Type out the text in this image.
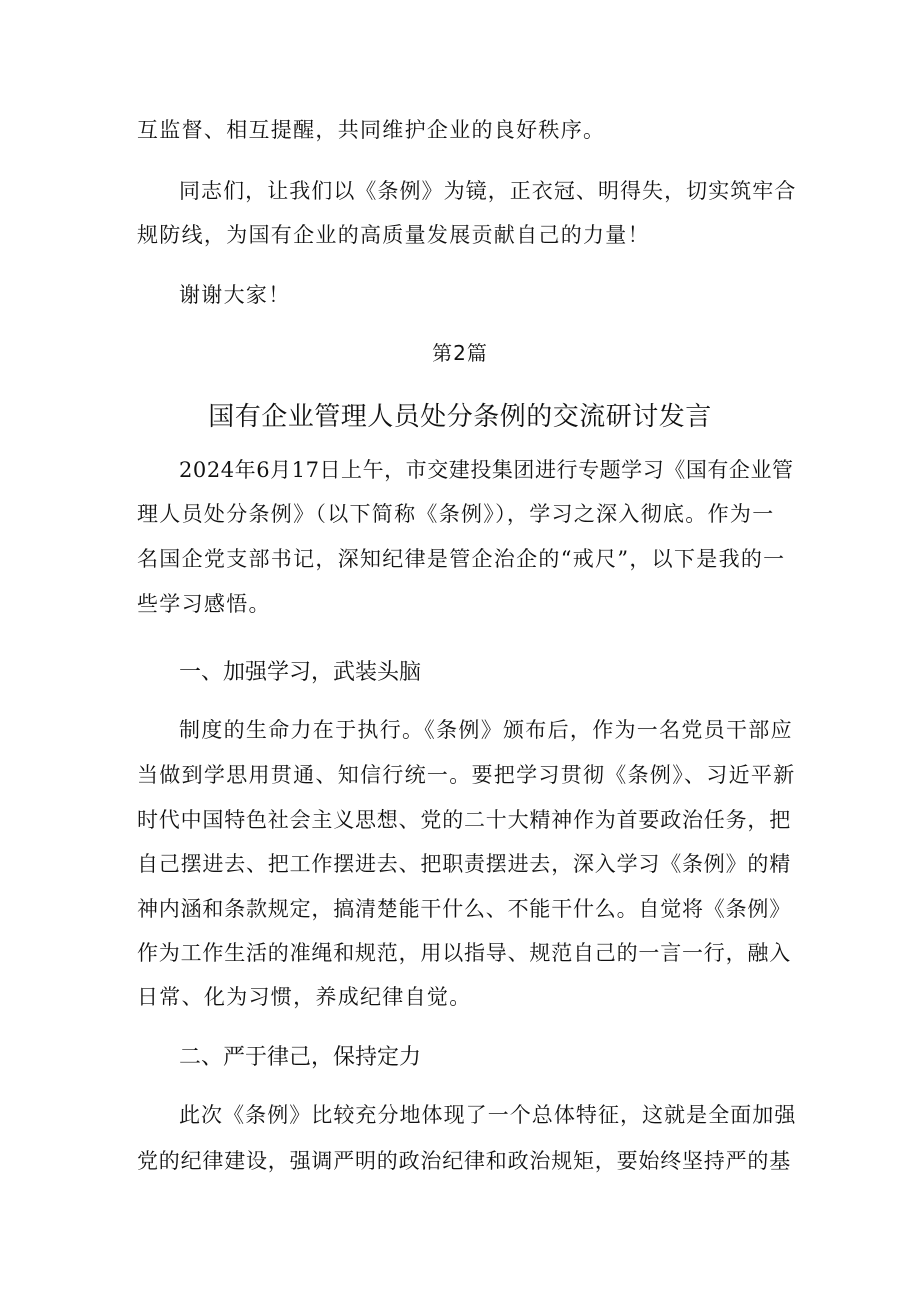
互监督、相互提醒，共同维护企业的良好秩序。
同志们，让我们以《条例》为镜，正衣冠、明得失，切实筑牢合
规防线，为国有企业的高质量发展贡献自己的力量！
谢谢大家！
第2篇
国有企业管理人员处分条例的交流研讨发言
2024年6月17日上午，市交建投集团进行专题学习《国有企业管
理人员处分条例》（以下简称《条例》），学习之深入彻底。作为一
名国企党支部书记，深知纪律是管企治企的“戒尺”，以下是我的一
些学习感悟。
一、加强学习，武装头脑
制度的生命力在于执行。《条例》颁布后，作为一名党员干部应
当做到学思用贯通、知信行统一。要把学习贯彻《条例》、习近平新
时代中国特色社会主义思想、党的二十大精神作为首要政治任务，把
自己摆进去、把工作摆进去、把职责摆进去，深入学习《条例》的精
神内涵和条款规定，搞清楚能干什么、不能干什么。自觉将《条例》
作为工作生活的准绳和规范，用以指导、规范自己的一言一行，融入
日常、化为习惯，养成纪律自觉。
二、严于律己，保持定力
此次《条例》比较充分地体现了一个总体特征，这就是全面加强
党的纪律建设，强调严明的政治纪律和政治规矩，要始终坚持严的基
